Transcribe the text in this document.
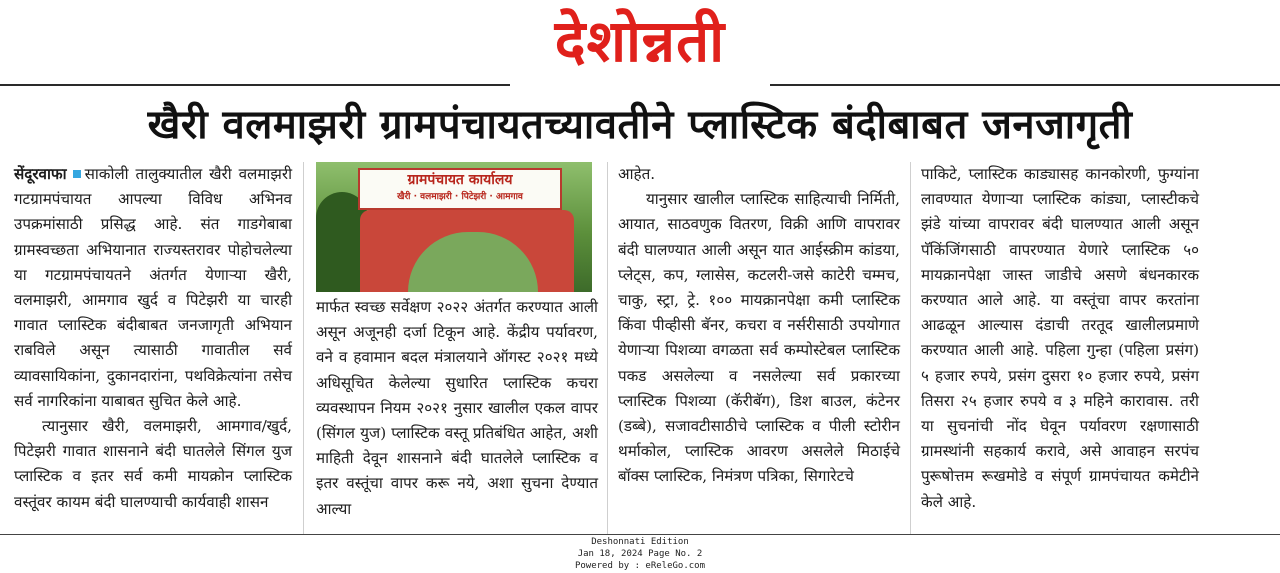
देशोन्नती
खैरी वलमाझरी ग्रामपंचायतच्यावतीने प्लास्टिक बंदीबाबत जनजागृती

सेंदूरवाफा साकोली तालुक्यातील खैरी वलमाझरी गटग्रामपंचायत आपल्या विविध अभिनव उपक्रमांसाठी प्रसिद्ध आहे. संत गाडगेबाबा ग्रामस्वच्छता अभियानात राज्यस्तरावर पोहोचलेल्या या गटग्रामपंचायतने अंतर्गत येणाऱ्या खैरी, वलमाझरी, आमगाव खुर्द व पिटेझरी या चारही गावात प्लास्टिक बंदीबाबत जनजागृती अभियान राबविले असून त्यासाठी गावातील सर्व व्यावसायिकांना, दुकानदारांना, पथविक्रेत्यांना तसेच सर्व नागरिकांना याबाबत सुचित केले आहे.

त्यानुसार खैरी, वलमाझरी, आमगाव/खुर्द, पिटेझरी गावात शासनाने बंदी घातलेले सिंगल युज प्लास्टिक व इतर सर्व कमी मायक्रोन प्लास्टिक वस्तूंवर कायम बंदी घालण्याची कार्यवाही शासन

ग्रामपंचायत कार्यालय
खैरी · वलमाझरी · पिटेझरी · आमगाव

मार्फत स्वच्छ सर्वेक्षण २०२२ अंतर्गत करण्यात आली असून अजूनही दर्जा टिकून आहे. केंद्रीय पर्यावरण, वने व हवामान बदल मंत्रालयाने ऑगस्ट २०२१ मध्ये अधिसूचित केलेल्या सुधारित प्लास्टिक कचरा व्यवस्थापन नियम २०२१ नुसार खालील एकल वापर (सिंगल युज) प्लास्टिक वस्तू प्रतिबंधित आहेत, अशी माहिती देवून शासनाने बंदी घातलेले प्लास्टिक व इतर वस्तूंचा वापर करू नये, अशा सुचना देण्यात आल्या

आहेत.

यानुसार खालील प्लास्टिक साहित्याची निर्मिती, आयात, साठवणुक वितरण, विक्री आणि वापरावर बंदी घालण्यात आली असून यात आईस्क्रीम कांडया, प्लेट्स, कप, ग्लासेस, कटलरी-जसे काटेरी चम्मच, चाकु, स्ट्रा, ट्रे. १०० मायक्रानपेक्षा कमी प्लास्टिक किंवा पीव्हीसी बॅनर, कचरा व नर्सरीसाठी उपयोगात येणाऱ्या पिशव्या वगळता सर्व कम्पोस्टेबल प्लास्टिक पकड असलेल्या व नसलेल्या सर्व प्रकारच्या प्लास्टिक पिशव्या (कॅरीबॅग), डिश बाउल, कंटेनर (डब्बे), सजावटीसाठीचे प्लास्टिक व पीली स्टोरीन थर्माकोल, प्लास्टिक आवरण असलेले मिठाईचे बॉक्स प्लास्टिक, निमंत्रण पत्रिका, सिगारेटचे

पाकिटे, प्लास्टिक काड्यासह कानकोरणी, फुग्यांना लावण्यात येणाऱ्या प्लास्टिक कांड्या, प्लास्टीकचे झंडे यांच्या वापरावर बंदी घालण्यात आली असून पॅकिंजिंगसाठी वापरण्यात येणारे प्लास्टिक ५० मायक्रानपेक्षा जास्त जाडीचे असणे बंधनकारक करण्यात आले आहे. या वस्तूंचा वापर करतांना आढळून आल्यास दंडाची तरतूद खालीलप्रमाणे करण्यात आली आहे. पहिला गुन्हा (पहिला प्रसंग) ५ हजार रुपये, प्रसंग दुसरा १० हजार रुपये, प्रसंग तिसरा २५ हजार रुपये व ३ महिने कारावास. तरी या सुचनांची नोंद घेवून पर्यावरण रक्षणासाठी ग्रामस्थांनी सहकार्य करावे, असे आवाहन सरपंच पुरूषोत्तम रूखमोडे व संपूर्ण ग्रामपंचायत कमेटीने केले आहे.

Deshonnati Edition
Jan 18, 2024 Page No. 2
Powered by : eReleGo.com
